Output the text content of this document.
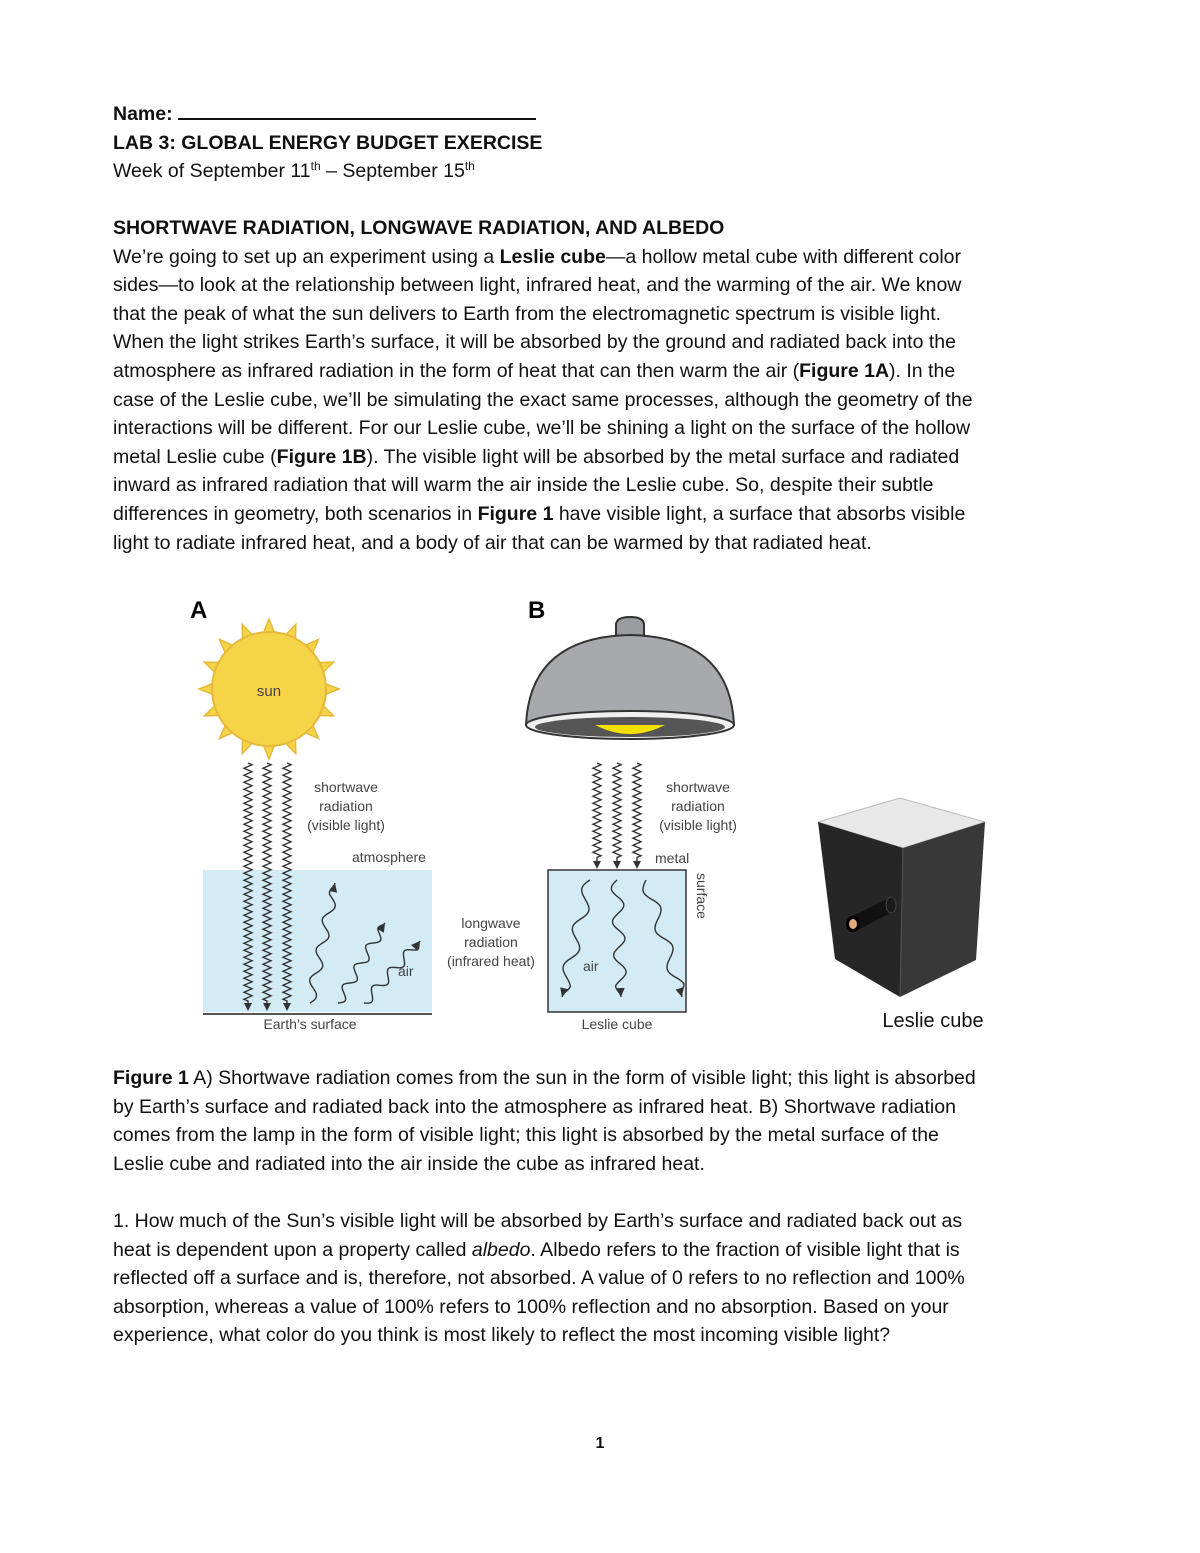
Name:
LAB 3: GLOBAL ENERGY BUDGET EXERCISE
Week of September 11th – September 15th
SHORTWAVE RADIATION, LONGWAVE RADIATION, AND ALBEDO
We’re going to set up an experiment using a Leslie cube—a hollow metal cube with different color
sides—to look at the relationship between light, infrared heat, and the warming of the air. We know
that the peak of what the sun delivers to Earth from the electromagnetic spectrum is visible light.
When the light strikes Earth’s surface, it will be absorbed by the ground and radiated back into the
atmosphere as infrared radiation in the form of heat that can then warm the air (Figure 1A). In the
case of the Leslie cube, we’ll be simulating the exact same processes, although the geometry of the
interactions will be different. For our Leslie cube, we’ll be shining a light on the surface of the hollow
metal Leslie cube (Figure 1B). The visible light will be absorbed by the metal surface and radiated
inward as infrared radiation that will warm the air inside the Leslie cube. So, despite their subtle
differences in geometry, both scenarios in Figure 1 have visible light, a surface that absorbs visible
light to radiate infrared heat, and a body of air that can be warmed by that radiated heat.
A	B
sun
shortwave
radiation
(visible light)
atmosphere
air
Earth’s surface
longwave
radiation
(infrared heat)
shortwave
radiation
(visible light)
metal
surface
air
Leslie cube	Leslie cube
Figure 1 A) Shortwave radiation comes from the sun in the form of visible light; this light is absorbed
by Earth’s surface and radiated back into the atmosphere as infrared heat. B) Shortwave radiation
comes from the lamp in the form of visible light; this light is absorbed by the metal surface of the
Leslie cube and radiated into the air inside the cube as infrared heat.
1. How much of the Sun’s visible light will be absorbed by Earth’s surface and radiated back out as
heat is dependent upon a property called albedo. Albedo refers to the fraction of visible light that is
reflected off a surface and is, therefore, not absorbed. A value of 0 refers to no reflection and 100%
absorption, whereas a value of 100% refers to 100% reflection and no absorption. Based on your
experience, what color do you think is most likely to reflect the most incoming visible light?
1
